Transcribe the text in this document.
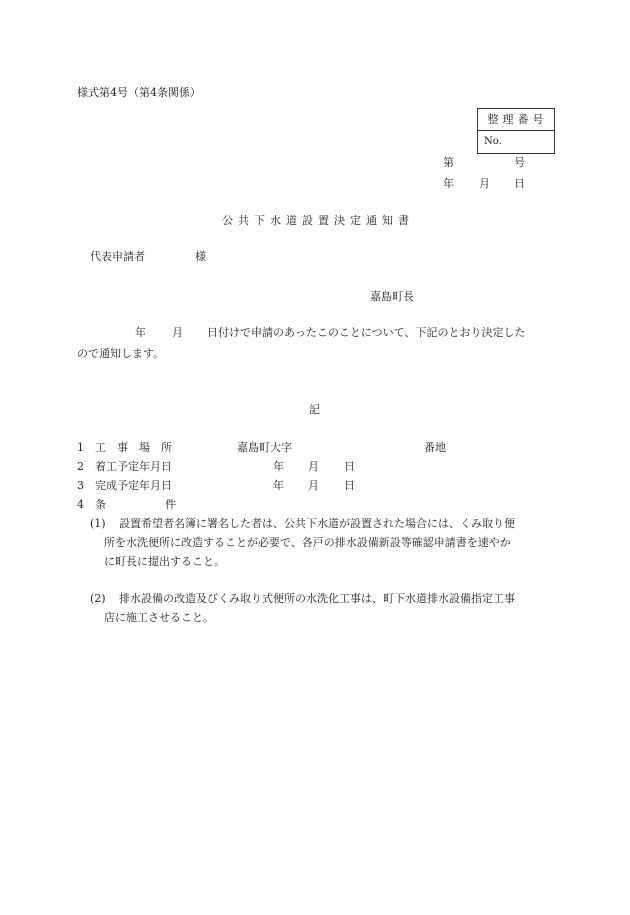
様式第4号（第4条関係）
整理番号
No.
第	号
年 月 日
公共下水道設置決定通知書
代表申請者	様
嘉島町長
年 月 日付けで申請のあったこのことについて、下記のとおり決定した
ので通知します。
記
1 工　事　場　所	嘉島町大字	番地
2 着工予定年月日	年 月 日
3 完成予定年月日	年 月 日
4 条	件
(1) 設置希望者名簿に署名した者は、公共下水道が設置された場合には、くみ取り便
所を水洗便所に改造することが必要で、各戸の排水設備新設等確認申請書を速やか
に町長に提出すること。
(2) 排水設備の改造及びくみ取り式便所の水洗化工事は、町下水道排水設備指定工事
店に施工させること。
